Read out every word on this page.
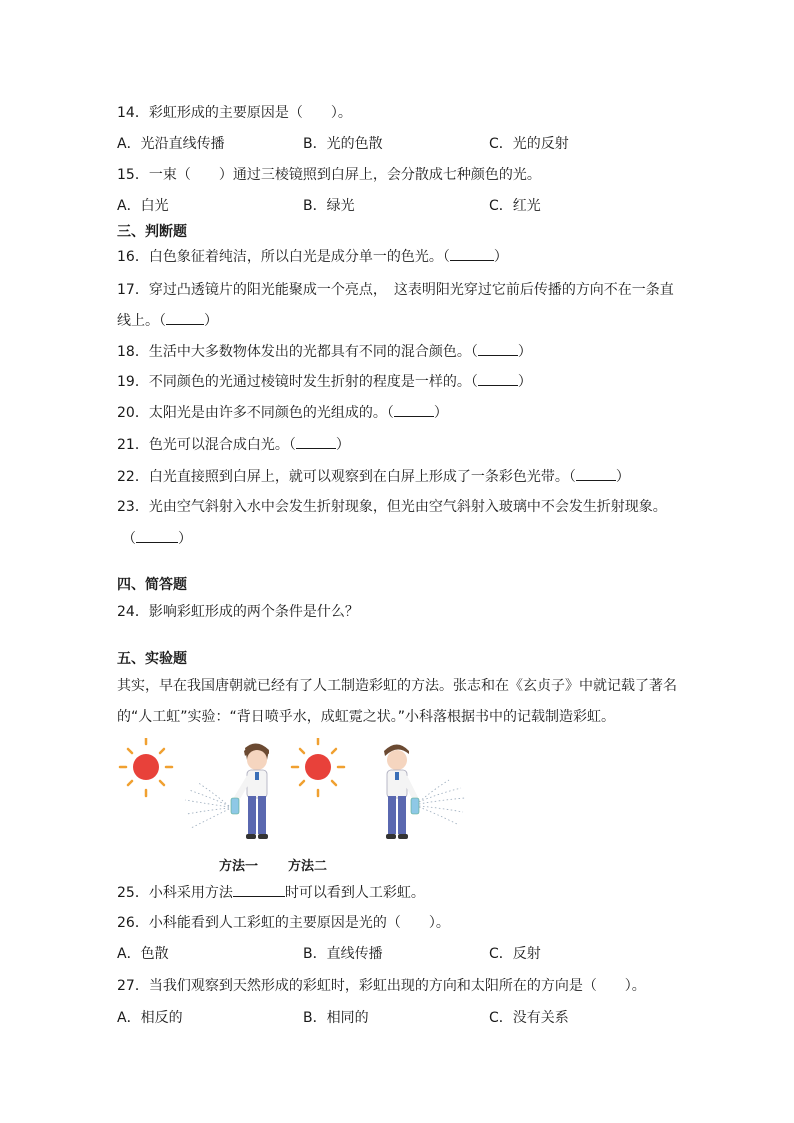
14．彩虹形成的主要原因是（　　）。
A．光沿直线传播	B．光的色散	C．光的反射
15．一束（　　）通过三棱镜照到白屏上，会分散成七种颜色的光。
A．白光	B．绿光	C．红光
三、判断题
16．白色象征着纯洁，所以白光是成分单一的色光。（	）
17．穿过凸透镜片的阳光能聚成一个亮点，　这表明阳光穿过它前后传播的方向不在一条直
线上。（	）
18．生活中大多数物体发出的光都具有不同的混合颜色。（	）
19．不同颜色的光通过棱镜时发生折射的程度是一样的。（	）
20．太阳光是由许多不同颜色的光组成的。（	）
21．色光可以混合成白光。（	）
22．白光直接照到白屏上，就可以观察到在白屏上形成了一条彩色光带。（	）
23．光由空气斜射入水中会发生折射现象，但光由空气斜射入玻璃中不会发生折射现象。
（	）
四、简答题
24．影响彩虹形成的两个条件是什么？
五、实验题
其实，早在我国唐朝就已经有了人工制造彩虹的方法。张志和在《玄贞子》中就记载了著名
的“人工虹”实验：“背日喷乎水，成虹霓之状。”小科落根据书中的记载制造彩虹。
方法一 方法二
25．小科采用方法	时可以看到人工彩虹。
26．小科能看到人工彩虹的主要原因是光的（　　）。
A．色散	B．直线传播	C．反射
27．当我们观察到天然形成的彩虹时，彩虹出现的方向和太阳所在的方向是（　　）。
A．相反的	B．相同的	C．没有关系
